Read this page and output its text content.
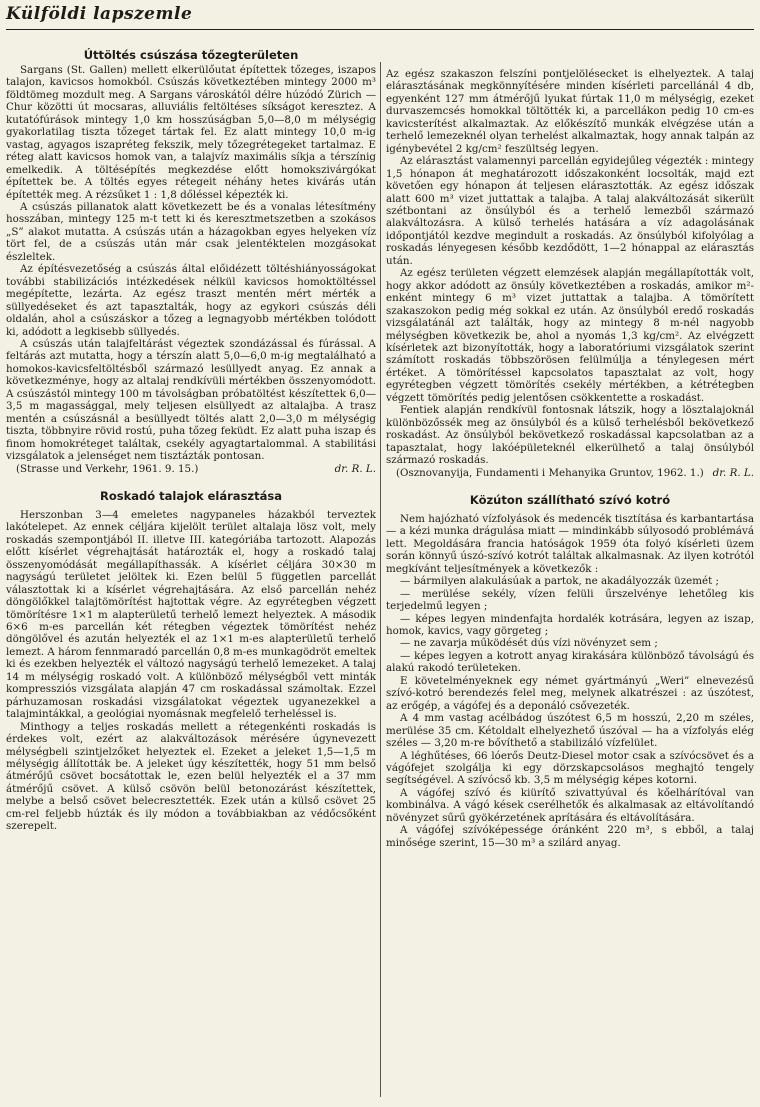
Külföldi lapszemle
Úttöltés csúszása tőzegterületen

Sargans (St. Gallen) mellett elkerülőutat építettek tőzeges, iszapos talajon, kavicsos homokból. Csúszás következtében mintegy 2000 m³ földtömeg mozdult meg. A Sargans városkától délre húzódó Zürich — Chur közötti út mocsaras, alluviális feltöltéses síkságot keresztez. A kutatófúrások mintegy 1,0 km hosszúságban 5,0—8,0 m mélységig gyakorlatilag tiszta tőzeget tártak fel. Ez alatt mintegy 10,0 m-ig vastag, agyagos iszapréteg fekszik, mely tőzegrétegeket tartalmaz. E réteg alatt kavicsos homok van, a talajvíz maximális síkja a térszínig emelkedik. A töltésépítés megkezdése előtt homokszivárgókat építettek be. A töltés egyes rétegeit néhány hetes kivárás után építették meg. A rézsűket 1 : 1,8 dőléssel képezték ki.

A csúszás pillanatok alatt következett be és a vonalas létesítmény hosszában, mintegy 125 m-t tett ki és keresztmetszetben a szokásos „S” alakot mutatta. A csúszás után a házagokban egyes helyeken víz tört fel, de a csúszás után már csak jelentéktelen mozgásokat észleltek.

Az építésvezetőség a csúszás által előidézett töltéshiányosságokat további stabilizációs intézkedések nélkül kavicsos homoktöltéssel megépítette, lezárta. Az egész traszt mentén mért mérték a süllyedéseket és azt tapasztalták, hogy az egykori csúszás déli oldalán, ahol a csúszáskor a tőzeg a legnagyobb mértékben tolódott ki, adódott a legkisebb süllyedés.

A csúszás után talajfeltárást végeztek szondázással és fúrással. A feltárás azt mutatta, hogy a térszín alatt 5,0—6,0 m-ig megtalálható a homokos-kavicsfeltöltésből származó lesüllyedt anyag. Ez annak a következménye, hogy az altalaj rendkívüli mértékben összenyomódott. A csúszástól mintegy 100 m távolságban próbatöltést készítettek 6,0—3,5 m magassággal, mely teljesen elsüllyedt az altalajba. A trasz mentén a csúszásnál a besüllyedt töltés alatt 2,0—3,0 m mélységig tiszta, többnyire rövid rostú, puha tőzeg feküdt. Ez alatt puha iszap és finom homokréteget találtak, csekély agyagtartalommal. A stabilitási vizsgálatok a jelenséget nem tisztázták pontosan.

(Strasse und Verkehr, 1961. 9. 15.)	dr. R. L.
Roskadó talajok elárasztása

Herszonban 3—4 emeletes nagypaneles házakból terveztek lakótelepet. Az ennek céljára kijelölt terület altalaja lösz volt, mely roskadás szempontjából II. illetve III. kategóriába tartozott. Alapozás előtt kísérlet végrehajtását határozták el, hogy a roskadó talaj összenyomódását megállapíthassák. A kísérlet céljára 30×30 m nagyságú területet jelöltek ki. Ezen belül 5 független parcellát választottak ki a kísérlet végrehajtására. Az első parcellán nehéz döngölőkkel talajtömörítést hajtottak végre. Az egyrétegben végzett tömörítésre 1×1 m alapterületű terhelő lemezt helyeztek. A második 6×6 m-es parcellán két rétegben végeztek tömörítést nehéz döngölővel és azután helyezték el az 1×1 m-es alapterületű terhelő lemezt. A három fennmaradó parcellán 0,8 m-es munkagödröt emeltek ki és ezekben helyezték el változó nagyságú terhelő lemezeket. A talaj 14 m mélységig roskadó volt. A különböző mélységből vett minták kompressziós vizsgálata alapján 47 cm roskadással számoltak. Ezzel párhuzamosan roskadási vizsgálatokat végeztek ugyanezekkel a talajmintákkal, a geológiai nyomásnak megfelelő terheléssel is.

Minthogy a teljes roskadás mellett a rétegenkénti roskadás is érdekes volt, ezért az alakváltozások mérésére úgynevezett mélységbeli szintjelzőket helyeztek el. Ezeket a jeleket 1,5—1,5 m mélységig állították be. A jeleket úgy készítették, hogy 51 mm belső átmérőjű csövet bocsátottak le, ezen belül helyezték el a 37 mm átmérőjű csövet. A külső csövön belül betonozárást készítettek, melybe a belső csövet belecresztették. Ezek után a külső csövet 25 cm-rel feljebb húzták és ily módon a továbbiakban az védőcsőként szerepelt.

Az egész szakaszon felszíni pontjelölésecket is elhelyeztek. A talaj elárasztásának megkönnyítésére minden kísérleti parcellánál 4 db, egyenként 127 mm átmérőjű lyukat fúrtak 11,0 m mélységig, ezeket durvaszemcsés homokkal töltötték ki, a parcellákon pedig 10 cm-es kavicsterítést alkalmaztak. Az előkészítő munkák elvégzése után a terhelő lemezeknél olyan terhelést alkalmaztak, hogy annak talpán az igénybevétel 2 kg/cm² feszültség legyen.

Az elárasztást valamennyi parcellán egyidejűleg végezték : mintegy 1,5 hónapon át meghatározott időszakonként locsolták, majd ezt követően egy hónapon át teljesen elárasztották. Az egész időszak alatt 600 m³ vizet juttattak a talajba. A talaj alakváltozását sikerült szétbontani az önsúlyból és a terhelő lemezből származó alakváltozásra. A külső terhelés hatására a víz adagolásának időpontjától kezdve megindult a roskadás. Az önsúlyból kifolyólag a roskadás lényegesen később kezdődött, 1—2 hónappal az elárasztás után.

Az egész területen végzett elemzések alapján megállapították volt, hogy akkor adódott az önsúly következtében a roskadás, amikor m²-enként mintegy 6 m³ vizet juttattak a talajba. A tömörített szakaszokon pedig még sokkal ez után. Az önsúlyból eredő roskadás vizsgálatánál azt találták, hogy az mintegy 8 m-nél nagyobb mélységben következik be, ahol a nyomás 1,3 kg/cm². Az elvégzett kísérletek azt bizonyították, hogy a laboratóriumi vizsgálatok szerint számított roskadás többszörösen felülmúlja a ténylegesen mért értéket. A tömörítéssel kapcsolatos tapasztalat az volt, hogy egyrétegben végzett tömörítés csekély mértékben, a kétrétegben végzett tömörítés pedig jelentősen csökkentette a roskadást.

Fentiek alapján rendkívül fontosnak látszik, hogy a lösztalajoknál különbözőssék meg az önsúlyból és a külső terhelésből bekövetkező roskadást. Az önsúlyból bekövetkező roskadással kapcsolatban az a tapasztalat, hogy lakóépületeknél elkerülhető a talaj önsúlyból származó roskadás.

(Osznovanyija, Fundamenti i Mehanyika Gruntov, 1962. 1.) dr. R. L.
Közúton szállítható szívó kotró

Nem hajózható vízfolyások és medencék tisztítása és karbantartása — a kézi munka drágulása miatt — mindinkább súlyosodó problémává lett. Megoldására francia hatóságok 1959 óta folyó kísérleti üzem során könnyű úszó-szívó kotrót találtak alkalmasnak. Az ilyen kotrótól megkívánt teljesítmények a következők :

— bármilyen alakulásúak a partok, ne akadályozzák üzemét ;

— merülése sekély, vízen felüli űrszelvénye lehetőleg kis terjedelmű legyen ;

— képes legyen mindenfajta hordalék kotrására, legyen az iszap, homok, kavics, vagy görgeteg ;

— ne zavarja működését dús vízi növényzet sem ;

— képes legyen a kotrott anyag kirakására különböző távolságú és alakú rakodó területeken.

E követelményeknek egy német gyártmányú „Weri” elnevezésű szívó-kotró berendezés felel meg, melynek alkatrészei : az úszótest, az erőgép, a vágófej és a deponáló csővezeték.

A 4 mm vastag acélbádog úszótest 6,5 m hosszú, 2,20 m széles, merülése 35 cm. Kétoldalt elhelyezhető úszóval — ha a vízfolyás elég széles — 3,20 m-re bővíthető a stabilizáló vízfelület.

A léghűtéses, 66 lóerős Deutz-Diesel motor csak a szívócsövet és a vágófejet szolgálja ki egy dörzskapcsolásos meghajtó tengely segítségével. A szívócső kb. 3,5 m mélységig képes kotorni.

A vágófej szívó és kiürítő szivattyúval és kőelhárítóval van kombinálva. A vágó kések cserélhetők és alkalmasak az eltávolítandó növényzet sűrű gyökérzetének aprítására és eltávolítására.

A vágófej szívóképessége óránként 220 m³, s ebből, a talaj minősége szerint, 15—30 m³ a szilárd anyag.
